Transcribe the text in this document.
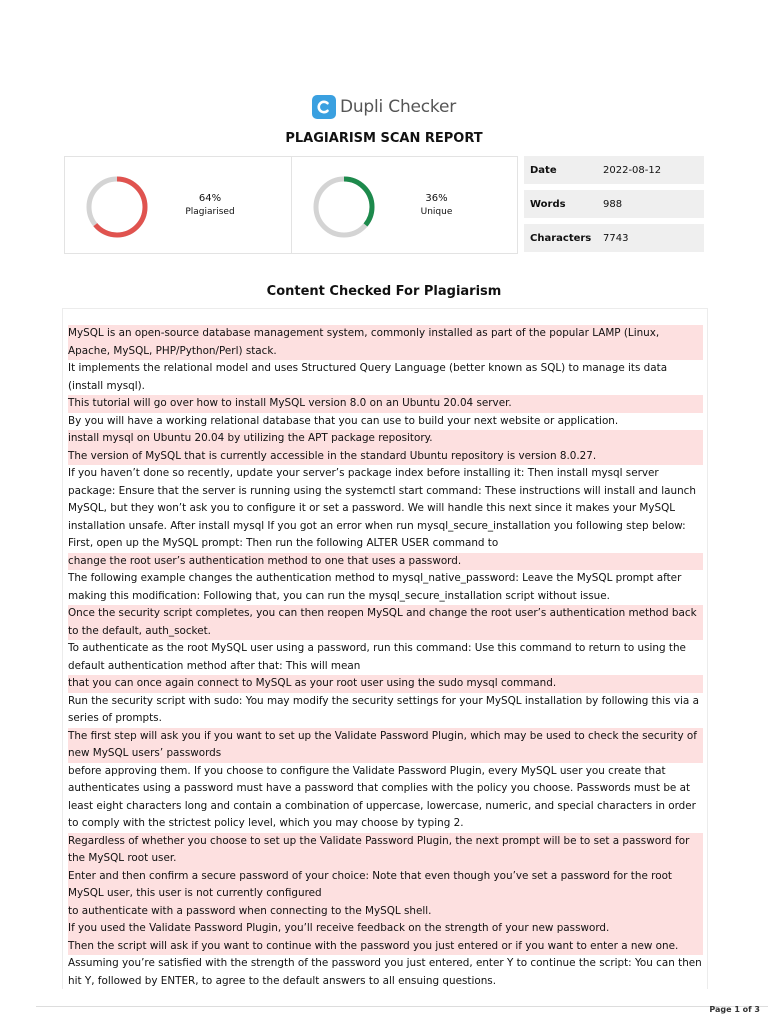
Dupli Checker
PLAGIARISM SCAN REPORT
64%
Plagiarised
36%
Unique
Date	2022-08-12
Words	988
Characters	7743
Content Checked For Plagiarism
MySQL is an open-source database management system, commonly installed as part of the popular LAMP (Linux, Apache, MySQL, PHP/Python/Perl) stack.
It implements the relational model and uses Structured Query Language (better known as SQL) to manage its data (install mysql).
This tutorial will go over how to install MySQL version 8.0 on an Ubuntu 20.04 server.
By you will have a working relational database that you can use to build your next website or application.
install mysql on Ubuntu 20.04 by utilizing the APT package repository.
The version of MySQL that is currently accessible in the standard Ubuntu repository is version 8.0.27.
If you haven’t done so recently, update your server’s package index before installing it: Then install mysql server package: Ensure that the server is running using the systemctl start command: These instructions will install and launch MySQL, but they won’t ask you to configure it or set a password. We will handle this next since it makes your MySQL installation unsafe. After install mysql If you got an error when run mysql_secure_installation you following step below: First, open up the MySQL prompt: Then run the following ALTER USER command to
change the root user’s authentication method to one that uses a password.
The following example changes the authentication method to mysql_native_password: Leave the MySQL prompt after making this modification: Following that, you can run the mysql_secure_installation script without issue.
Once the security script completes, you can then reopen MySQL and change the root user’s authentication method back to the default, auth_socket.
To authenticate as the root MySQL user using a password, run this command: Use this command to return to using the default authentication method after that: This will mean
that you can once again connect to MySQL as your root user using the sudo mysql command.
Run the security script with sudo: You may modify the security settings for your MySQL installation by following this via a series of prompts.
The first step will ask you if you want to set up the Validate Password Plugin, which may be used to check the security of new MySQL users’ passwords
before approving them. If you choose to configure the Validate Password Plugin, every MySQL user you create that authenticates using a password must have a password that complies with the policy you choose. Passwords must be at least eight characters long and contain a combination of uppercase, lowercase, numeric, and special characters in order to comply with the strictest policy level, which you may choose by typing 2.
Regardless of whether you choose to set up the Validate Password Plugin, the next prompt will be to set a password for the MySQL root user.
Enter and then confirm a secure password of your choice: Note that even though you’ve set a password for the root MySQL user, this user is not currently configured
to authenticate with a password when connecting to the MySQL shell.
If you used the Validate Password Plugin, you’ll receive feedback on the strength of your new password.
Then the script will ask if you want to continue with the password you just entered or if you want to enter a new one.
Assuming you’re satisfied with the strength of the password you just entered, enter Y to continue the script: You can then hit Y, followed by ENTER, to agree to the default answers to all ensuing questions.
Page 1 of 3
